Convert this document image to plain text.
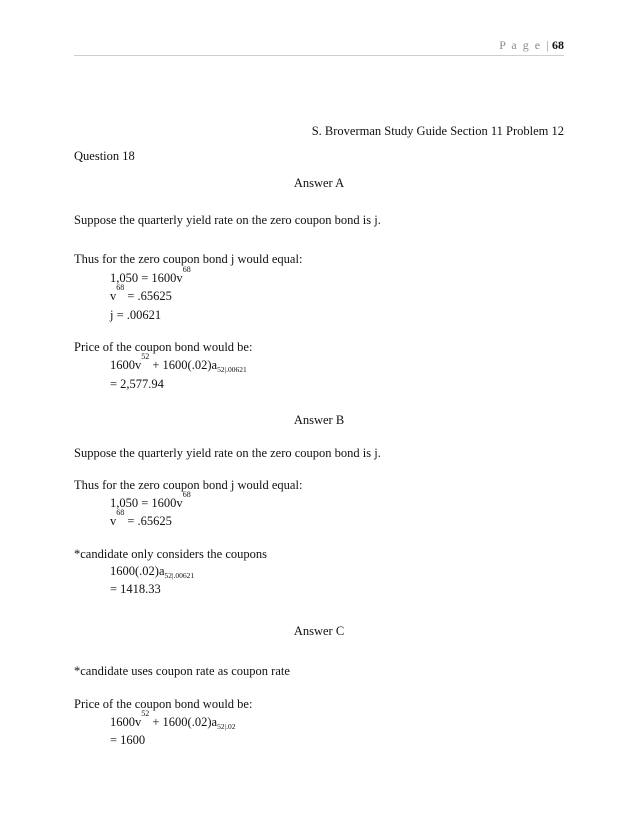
P a g e | 68
S. Broverman Study Guide Section 11 Problem 12
Question 18
Answer A
Suppose the quarterly yield rate on the zero coupon bond is j.
Thus for the zero coupon bond j would equal:
$1,050 = 1600v^{68}$
$v^{68} = .65625$
j = .00621
Price of the coupon bond would be:
$1600v^{52} + 1600(.02)a_{52|.00621}$
= 2,577.94
Answer B
Suppose the quarterly yield rate on the zero coupon bond is j.
Thus for the zero coupon bond j would equal:
$1,050 = 1600v^{68}$
$v^{68} = .65625$
*candidate only considers the coupons
$1600(.02)a_{52|.00621}$
= 1418.33
Answer C
*candidate uses coupon rate as coupon rate
Price of the coupon bond would be:
$1600v^{52} + 1600(.02)a_{52|.02}$
= 1600
